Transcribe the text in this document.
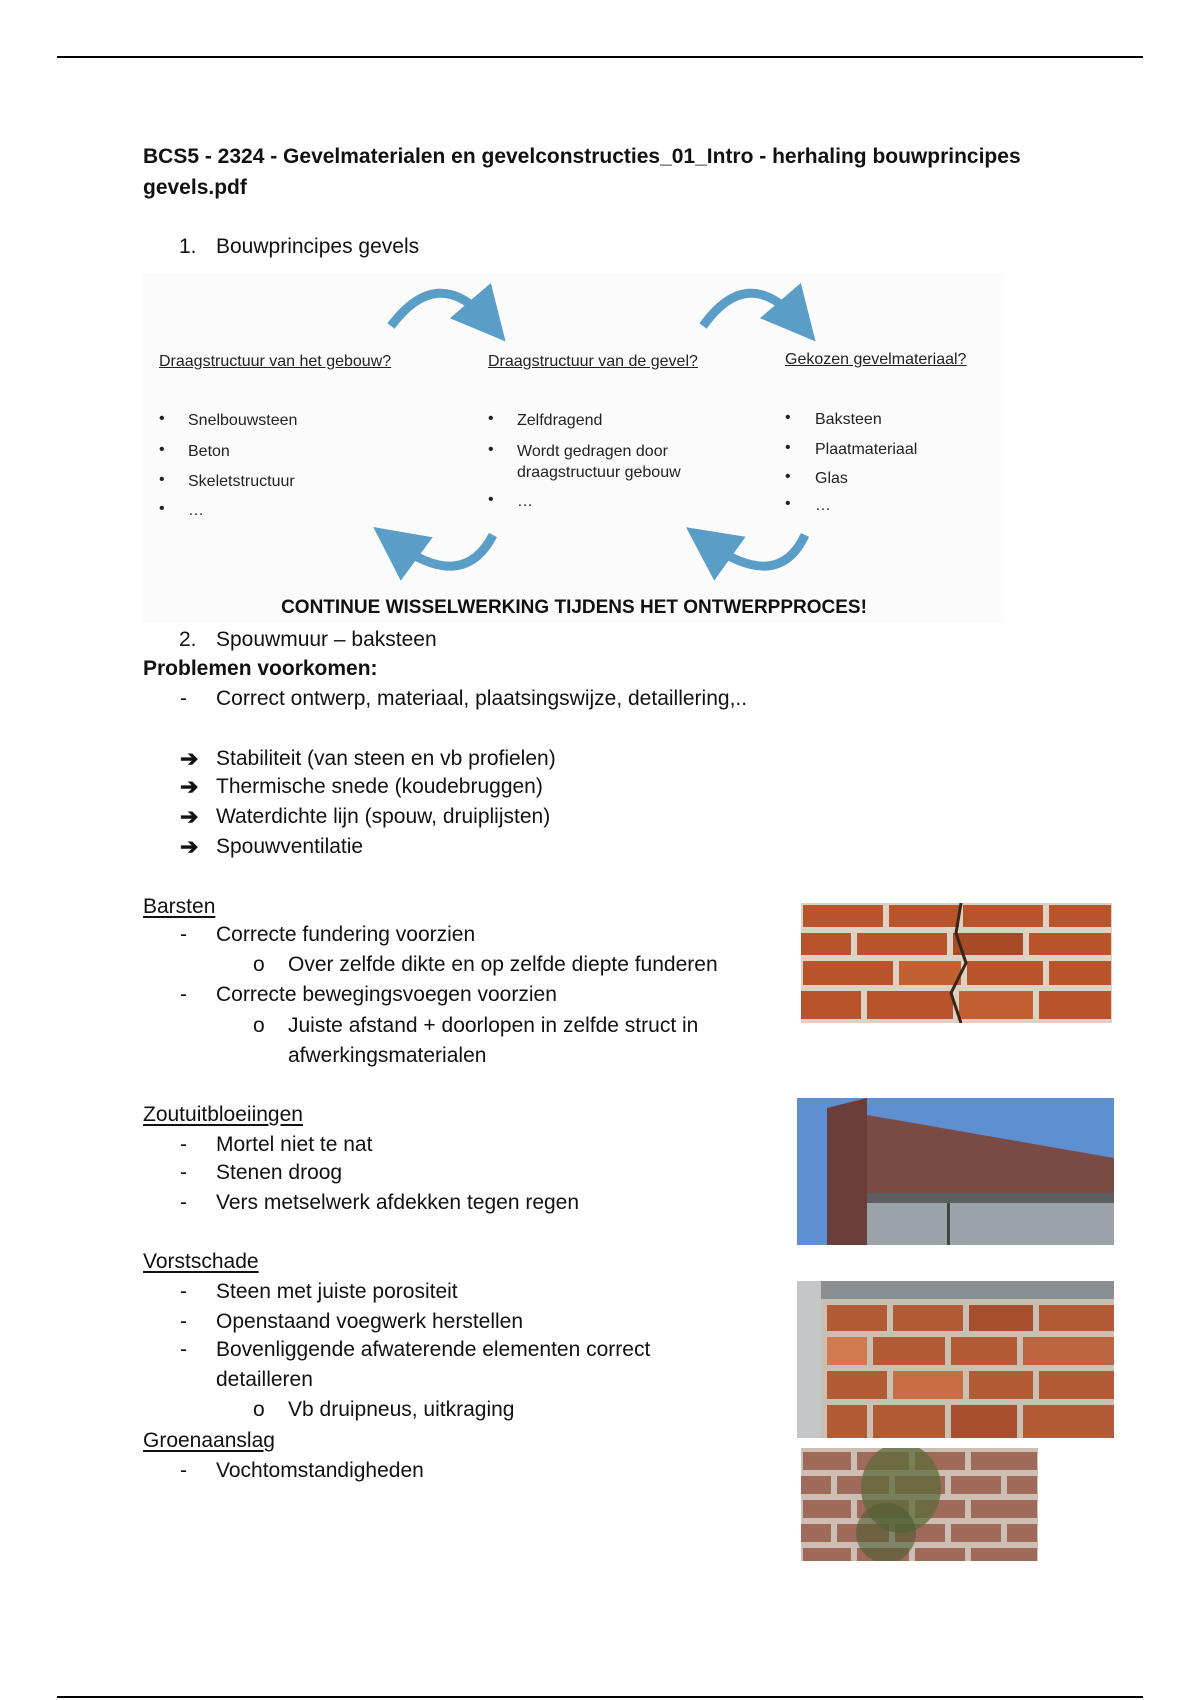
BCS5 - 2324 - Gevelmaterialen en gevelconstructies_01_Intro - herhaling bouwprincipes gevels.pdf
1. Bouwprincipes gevels
Draagstructuur van het gebouw?	Draagstructuur van de gevel?	Gekozen gevelmateriaal?
• Snelbouwsteen
• Beton
• Skeletstructuur
• …
• Zelfdragend
• Wordt gedragen door draagstructuur gebouw
• …
• Baksteen
• Plaatmateriaal
• Glas
• …
CONTINUE WISSELWERKING TIJDENS HET ONTWERPPROCES!
2. Spouwmuur – baksteen
Problemen voorkomen:
- Correct ontwerp, materiaal, plaatsingswijze, detaillering,..
➔ Stabiliteit (van steen en vb profielen)
➔ Thermische snede (koudebruggen)
➔ Waterdichte lijn (spouw, druiplijsten)
➔ Spouwventilatie
Barsten
- Correcte fundering voorzien
o Over zelfde dikte en op zelfde diepte funderen
- Correcte bewegingsvoegen voorzien
o Juiste afstand + doorlopen in zelfde struct in
afwerkingsmaterialen
Zoutuitbloeiingen
- Mortel niet te nat
- Stenen droog
- Vers metselwerk afdekken tegen regen
Vorstschade
- Steen met juiste porositeit
- Openstaand voegwerk herstellen
- Bovenliggende afwaterende elementen correct
detailleren
o Vb druipneus, uitkraging
Groenaanslag
- Vochtomstandigheden
